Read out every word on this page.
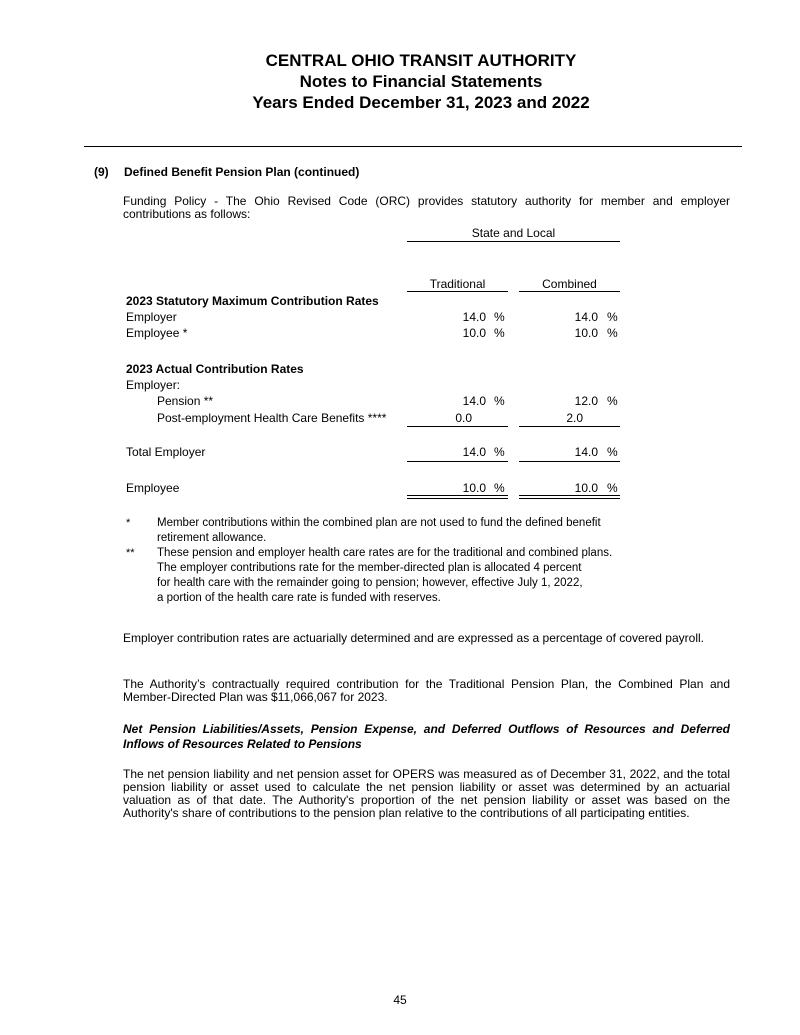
CENTRAL OHIO TRANSIT AUTHORITY
Notes to Financial Statements
Years Ended December 31, 2023 and 2022
(9) Defined Benefit Pension Plan (continued)

Funding Policy - The Ohio Revised Code (ORC) provides statutory authority for member and employer contributions as follows:

State and Local
Traditional	Combined
2023 Statutory Maximum Contribution Rates
Employer	14.0 %	14.0 %
Employee *	10.0 %	10.0 %
2023 Actual Contribution Rates
Employer:
Pension **	14.0 %	12.0 %
Post-employment Health Care Benefits ****	0.0	2.0
Total Employer	14.0 %	14.0 %
Employee	10.0 %	10.0 %
* Member contributions within the combined plan are not used to fund the defined benefit
retirement allowance.
** These pension and employer health care rates are for the traditional and combined plans.
The employer contributions rate for the member-directed plan is allocated 4 percent
for health care with the remainder going to pension; however, effective July 1, 2022,
a portion of the health care rate is funded with reserves.

Employer contribution rates are actuarially determined and are expressed as a percentage of covered payroll.

The Authority’s contractually required contribution for the Traditional Pension Plan, the Combined Plan and Member-Directed Plan was $11,066,067 for 2023.

Net Pension Liabilities/Assets, Pension Expense, and Deferred Outflows of Resources and Deferred Inflows of Resources Related to Pensions

The net pension liability and net pension asset for OPERS was measured as of December 31, 2022, and the total pension liability or asset used to calculate the net pension liability or asset was determined by an actuarial valuation as of that date. The Authority's proportion of the net pension liability or asset was based on the Authority's share of contributions to the pension plan relative to the contributions of all participating entities.

45
